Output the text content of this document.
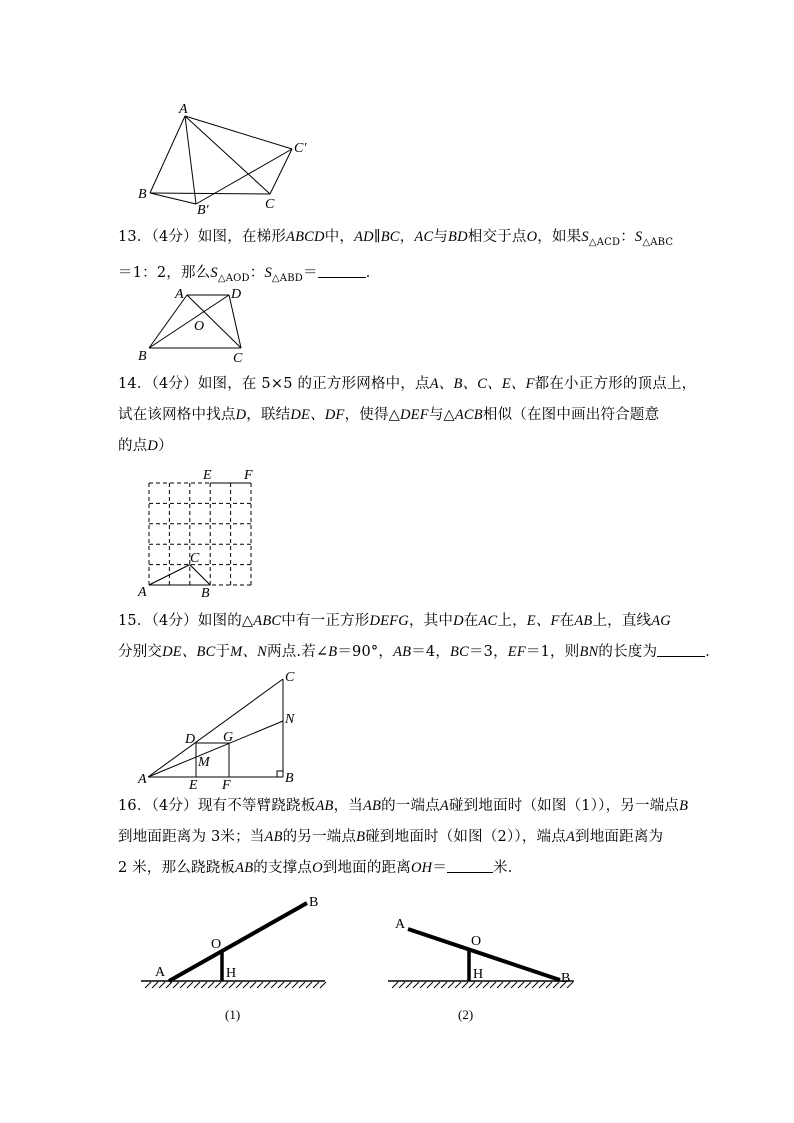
A
B
C
B′
C′

13．（4分）如图，在梯形ABCD中，AD∥BC，AC与BD相交于点O，如果$S_{\triangle ACD}$：$S_{\triangle ABC}$

＝1：2，那么$S_{\triangle AOD}$：$S_{\triangle ABD}=$	．

A	D
B	C
O

14．（4分）如图，在 5×5 的正方形网格中，点A、B、C、E、F都在小正方形的顶点上，

试在该网格中找点D，联结DE、DF，使得△DEF与△ACB相似（在图中画出符合题意

的点D）

E F
C
A	B

15．（4分）如图的△ABC中有一正方形DEFG，其中D在AC上，E、F在AB上，直线AG

分别交DE、BC于M、N两点.若∠B＝90°，AB＝4，BC＝3，EF＝1，则BN的长度为	．

C
N
D G
M
A	E F	B

16．（4分）现有不等臂跷跷板AB，当AB的一端点A碰到地面时（如图（1）），另一端点B

到地面距离为 3米；当AB的另一端点B碰到地面时（如图（2）），端点A到地面距离为

2 米，那么跷跷板AB的支撑点O到地面的距离OH＝	米．

A
B
O
H
(1)
A
B
O
H
(2)
